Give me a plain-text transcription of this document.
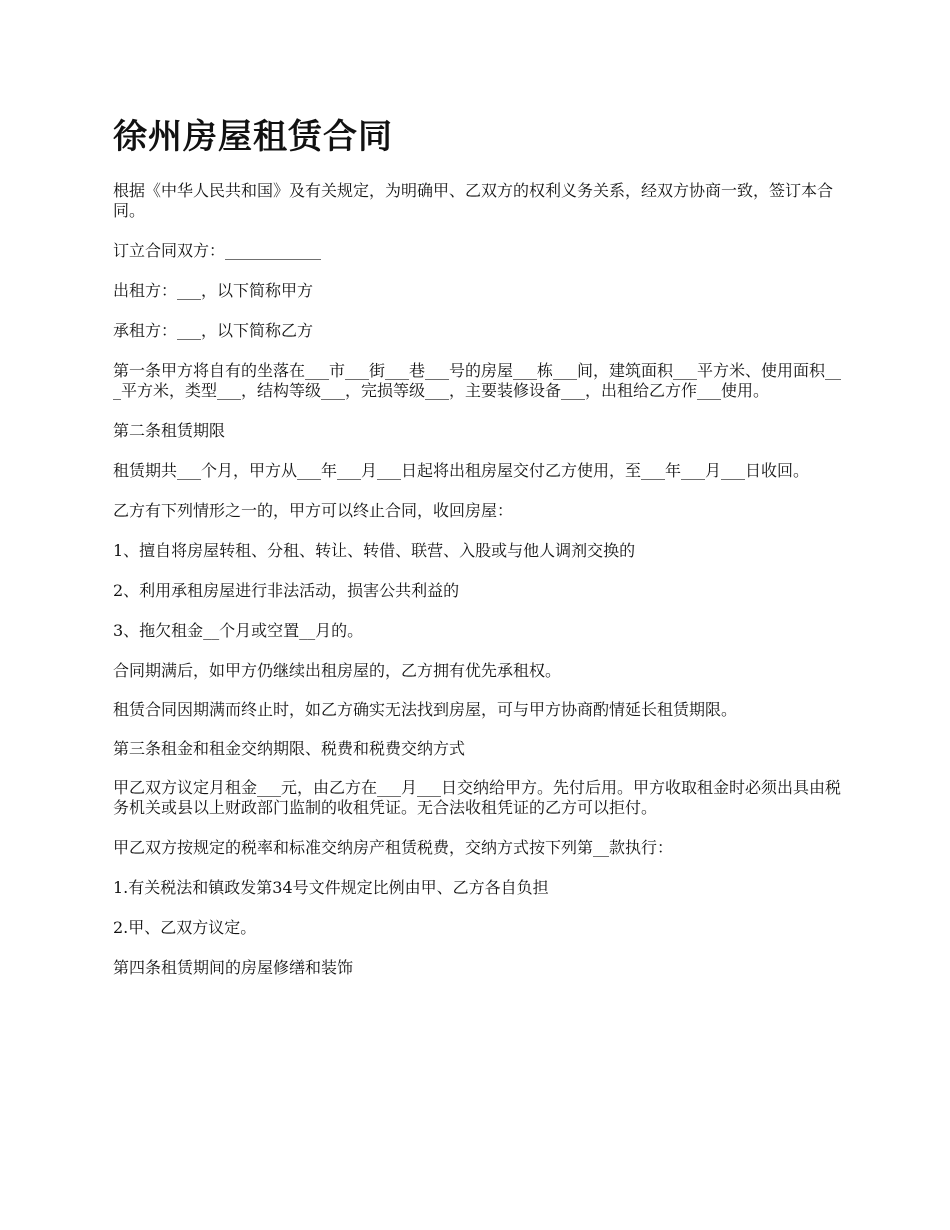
徐州房屋租赁合同

根据《中华人民共和国》及有关规定，为明确甲、乙双方的权利义务关系，经双方协商一致，签订本合同。

订立合同双方：____________

出租方：___，以下简称甲方

承租方：___，以下简称乙方

第一条甲方将自有的坐落在___市___街___巷___号的房屋___栋___间，建筑面积___平方米、使用面积___平方米，类型___，结构等级___，完损等级___，主要装修设备___，出租给乙方作___使用。

第二条租赁期限

租赁期共___个月，甲方从___年___月___日起将出租房屋交付乙方使用，至___年___月___日收回。

乙方有下列情形之一的，甲方可以终止合同，收回房屋：

1、擅自将房屋转租、分租、转让、转借、联营、入股或与他人调剂交换的

2、利用承租房屋进行非法活动，损害公共利益的

3、拖欠租金__个月或空置__月的。

合同期满后，如甲方仍继续出租房屋的，乙方拥有优先承租权。

租赁合同因期满而终止时，如乙方确实无法找到房屋，可与甲方协商酌情延长租赁期限。

第三条租金和租金交纳期限、税费和税费交纳方式

甲乙双方议定月租金___元，由乙方在___月___日交纳给甲方。先付后用。甲方收取租金时必须出具由税务机关或县以上财政部门监制的收租凭证。无合法收租凭证的乙方可以拒付。

甲乙双方按规定的税率和标准交纳房产租赁税费，交纳方式按下列第__款执行：

1.有关税法和镇政发第34号文件规定比例由甲、乙方各自负担

2.甲、乙双方议定。

第四条租赁期间的房屋修缮和装饰
